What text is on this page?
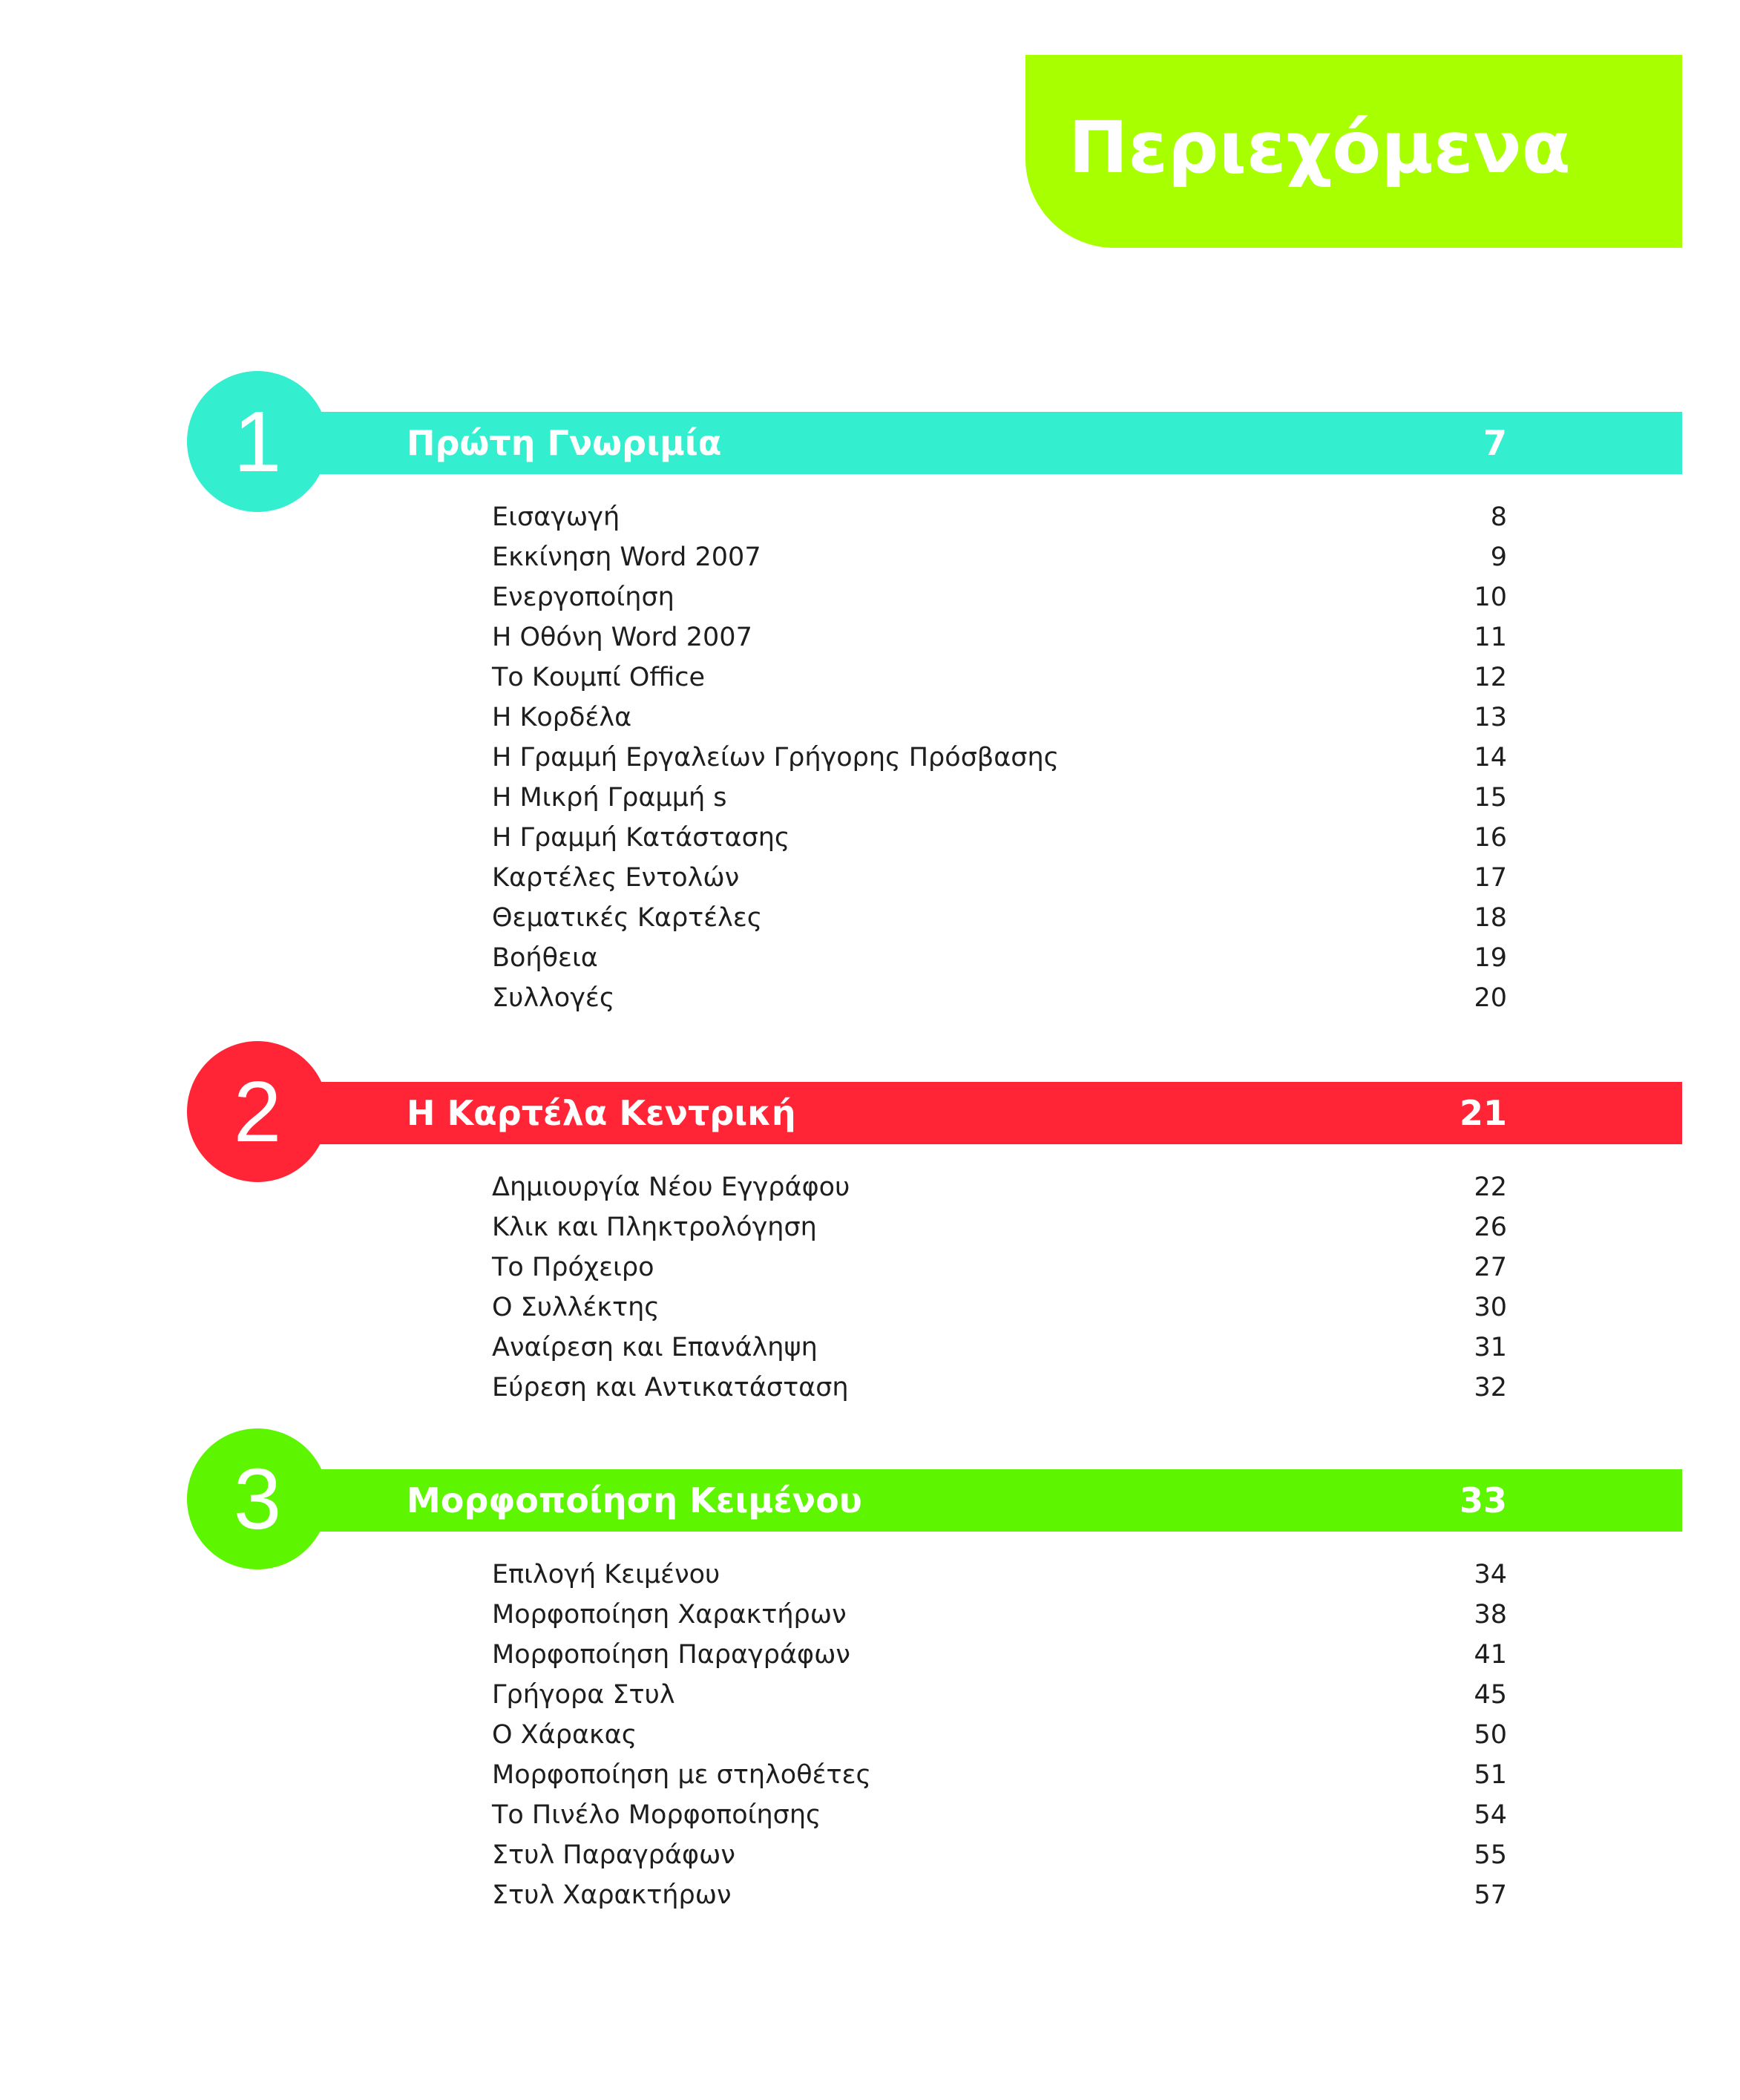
Περιεχόμενα
1	Πρώτη Γνωριμία	7
Εισαγωγή	8
Εκκίνηση Word 2007	9
Ενεργοποίηση	10
Η Οθόνη Word 2007	11
Το Κουμπί Office	12
Η Κορδέλα	13
Η Γραμμή Εργαλείων Γρήγορης Πρόσβασης	14
Η Μικρή Γραμμή s	15
Η Γραμμή Κατάστασης	16
Καρτέλες Εντολών	17
Θεματικές Καρτέλες	18
Βοήθεια	19
Συλλογές	20
2	Η Καρτέλα Κεντρική	21
Δημιουργία Νέου Εγγράφου	22
Κλικ και Πληκτρολόγηση	26
Το Πρόχειρο	27
Ο Συλλέκτης	30
Αναίρεση και Επανάληψη	31
Εύρεση και Αντικατάσταση	32
3	Μορφοποίηση Κειμένου	33
Επιλογή Κειμένου	34
Μορφοποίηση Χαρακτήρων	38
Μορφοποίηση Παραγράφων	41
Γρήγορα Στυλ	45
Ο Χάρακας	50
Μορφοποίηση με στηλοθέτες	51
Το Πινέλο Μορφοποίησης	54
Στυλ Παραγράφων	55
Στυλ Χαρακτήρων	57
